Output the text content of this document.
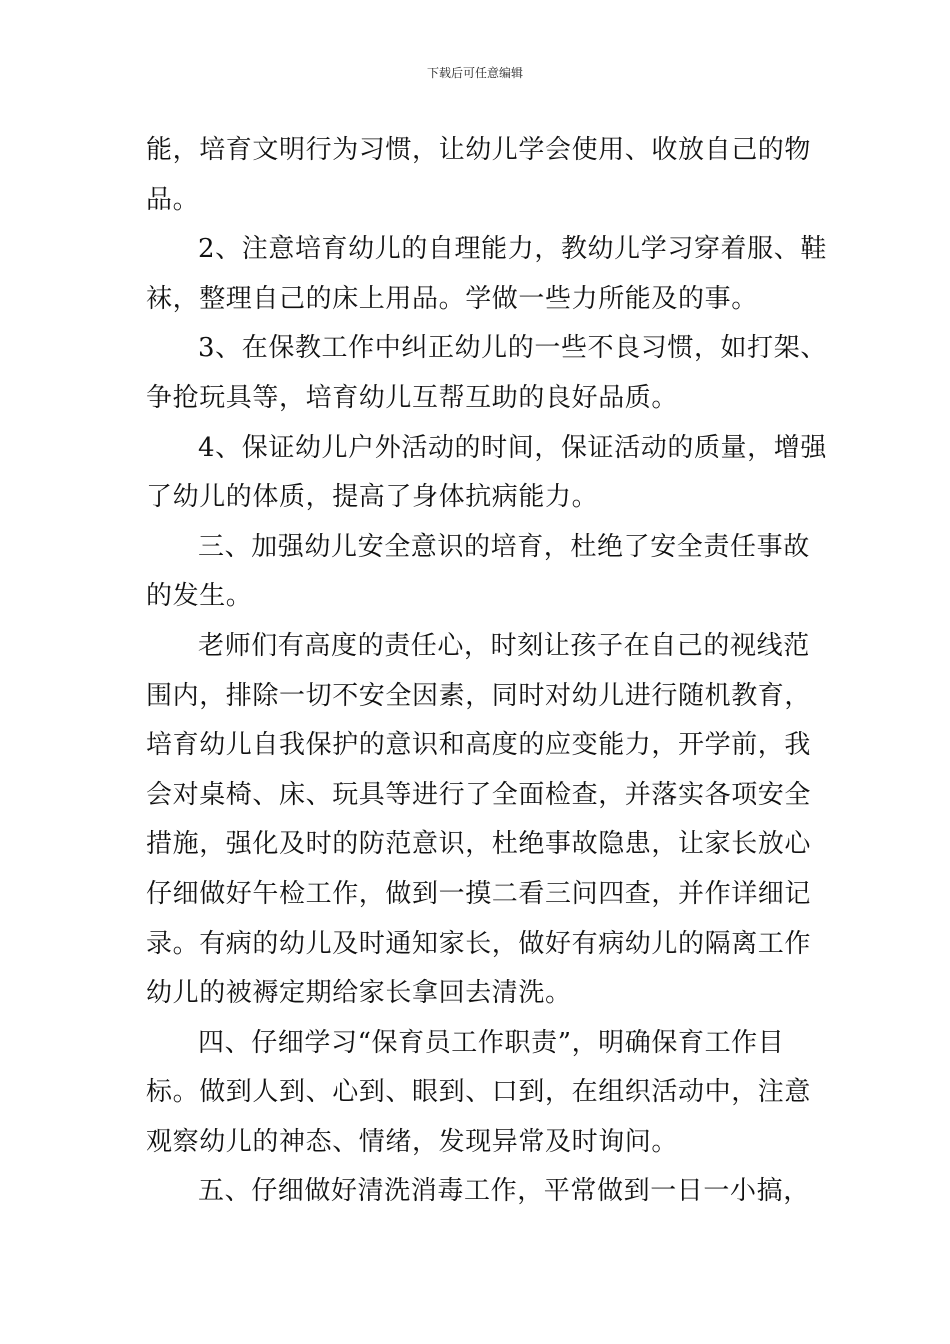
下载后可任意编辑
能，培育文明行为习惯，让幼儿学会使用、收放自己的物
品。
2、注意培育幼儿的自理能力，教幼儿学习穿着服、鞋
袜，整理自己的床上用品。学做一些力所能及的事。
3、在保教工作中纠正幼儿的一些不良习惯，如打架、
争抢玩具等，培育幼儿互帮互助的良好品质。
4、保证幼儿户外活动的时间，保证活动的质量，增强
了幼儿的体质，提高了身体抗病能力。
三、加强幼儿安全意识的培育，杜绝了安全责任事故
的发生。
老师们有高度的责任心，时刻让孩子在自己的视线范
围内，排除一切不安全因素，同时对幼儿进行随机教育，
培育幼儿自我保护的意识和高度的应变能力，开学前，我
会对桌椅、床、玩具等进行了全面检查，并落实各项安全
措施，强化及时的防范意识，杜绝事故隐患，让家长放心
仔细做好午检工作，做到一摸二看三问四查，并作详细记
录。有病的幼儿及时通知家长，做好有病幼儿的隔离工作
幼儿的被褥定期给家长拿回去清洗。
四、仔细学习“保育员工作职责”，明确保育工作目
标。做到人到、心到、眼到、口到，在组织活动中，注意
观察幼儿的神态、情绪，发现异常及时询问。
五、仔细做好清洗消毒工作，平常做到一日一小搞，
